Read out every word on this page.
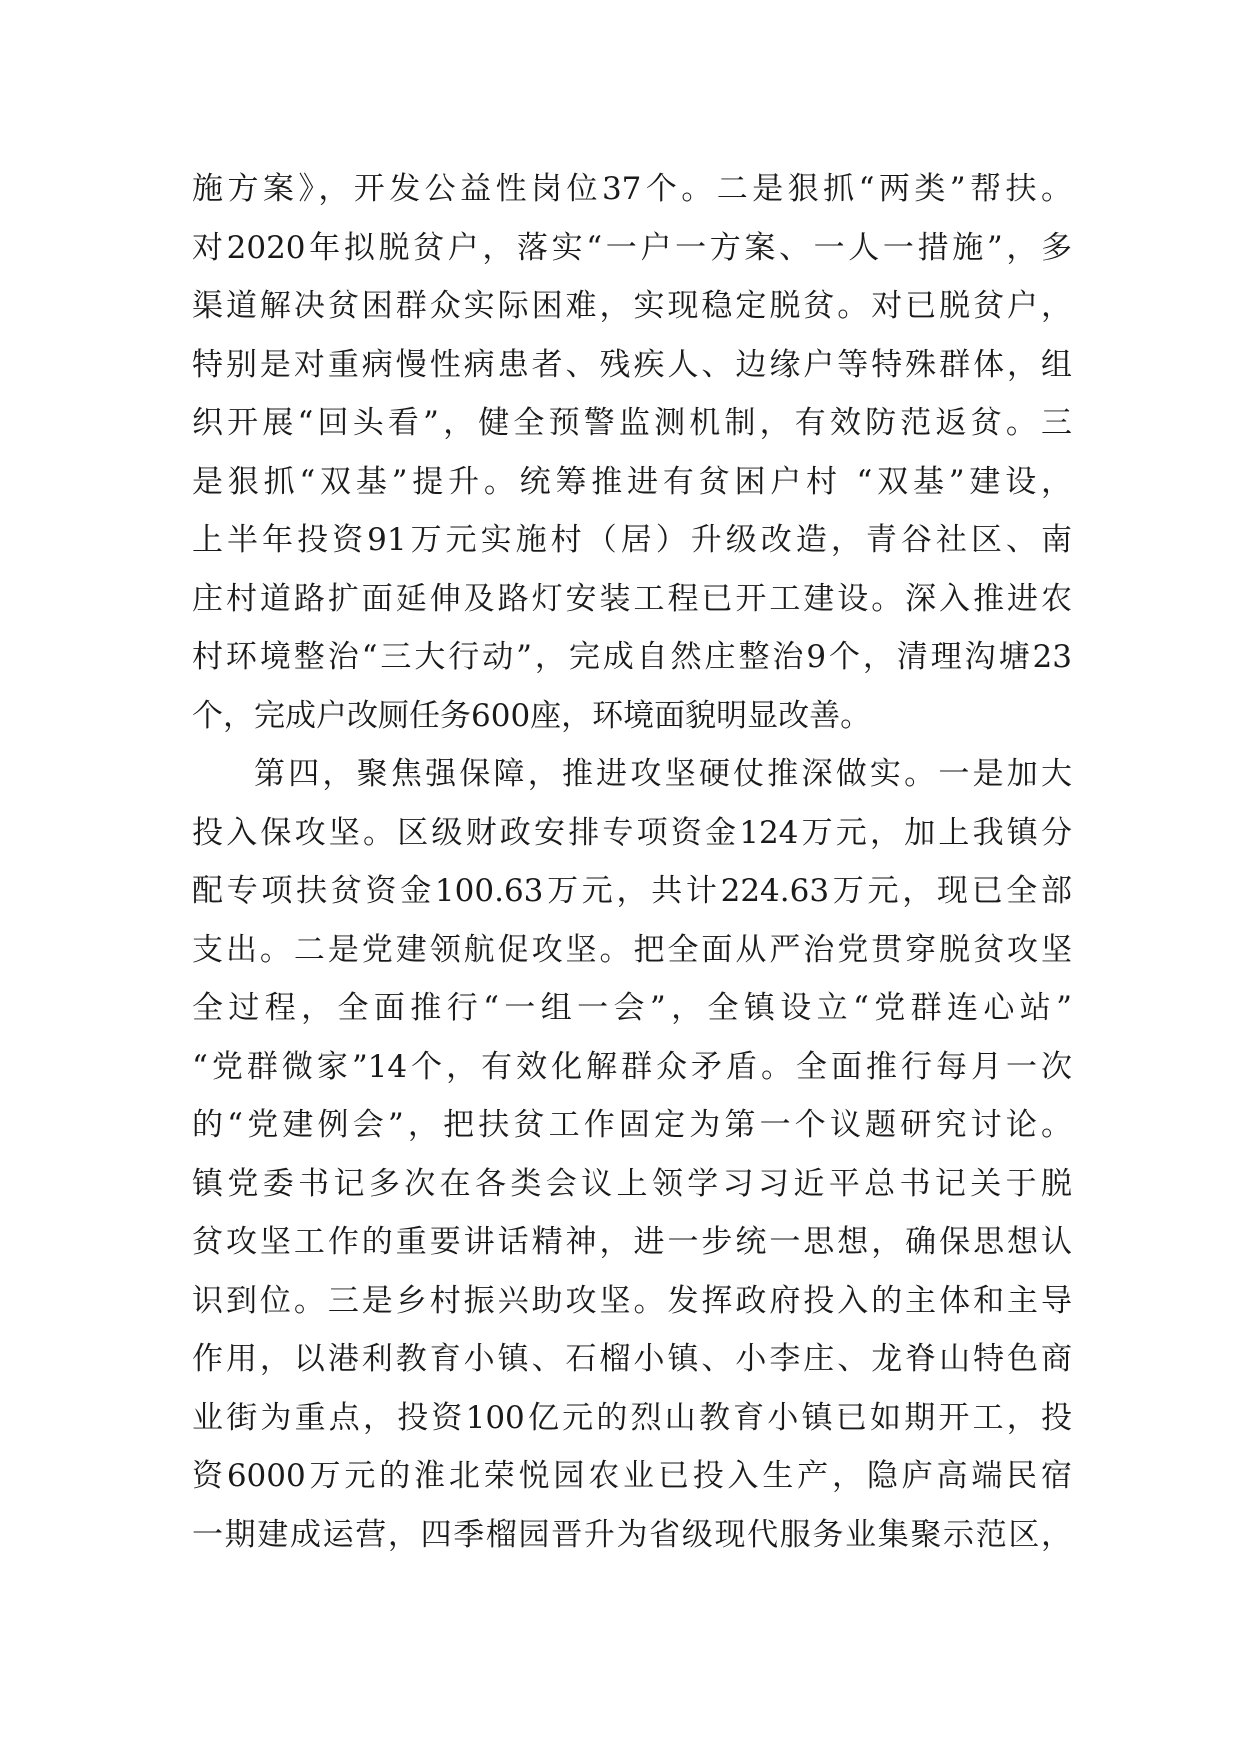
施方案》，开发公益性岗位37个。二是狠抓“两类”帮扶。
对2020年拟脱贫户，落实“一户一方案、一人一措施”，多
渠道解决贫困群众实际困难，实现稳定脱贫。对已脱贫户，
特别是对重病慢性病患者、残疾人、边缘户等特殊群体，组
织开展“回头看”，健全预警监测机制，有效防范返贫。三
是狠抓“双基”提升。统筹推进有贫困户村 “双基”建设，
上半年投资91万元实施村（居）升级改造，青谷社区、南
庄村道路扩面延伸及路灯安装工程已开工建设。深入推进农
村环境整治“三大行动”，完成自然庄整治9个，清理沟塘23
个，完成户改厕任务600座，环境面貌明显改善。
第四，聚焦强保障，推进攻坚硬仗推深做实。一是加大
投入保攻坚。区级财政安排专项资金124万元，加上我镇分
配专项扶贫资金100.63万元，共计224.63万元，现已全部
支出。二是党建领航促攻坚。把全面从严治党贯穿脱贫攻坚
全过程，全面推行“一组一会”，全镇设立“党群连心站”
“党群微家”14个，有效化解群众矛盾。全面推行每月一次
的“党建例会”，把扶贫工作固定为第一个议题研究讨论。
镇党委书记多次在各类会议上领学习习近平总书记关于脱
贫攻坚工作的重要讲话精神，进一步统一思想，确保思想认
识到位。三是乡村振兴助攻坚。发挥政府投入的主体和主导
作用，以港利教育小镇、石榴小镇、小李庄、龙脊山特色商
业街为重点，投资100亿元的烈山教育小镇已如期开工，投
资6000万元的淮北荣悦园农业已投入生产，隐庐高端民宿
一期建成运营，四季榴园晋升为省级现代服务业集聚示范区，
